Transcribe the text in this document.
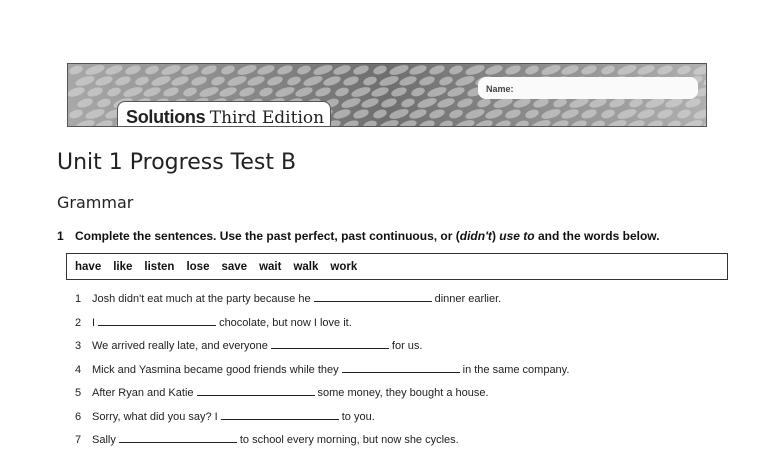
Name:
Solutions Third Edition
Unit 1 Progress Test B
Grammar
1 Complete the sentences. Use the past perfect, past continuous, or (didn't) use to and the words below.
have like listen lose save wait walk work
1 Josh didn't eat much at the party because he	dinner earlier.
2 I	chocolate, but now I love it.
3 We arrived really late, and everyone	for us.
4 Mick and Yasmina became good friends while they	in the same company.
5 After Ryan and Katie	some money, they bought a house.
6 Sorry, what did you say? I	to you.
7 Sally	to school every morning, but now she cycles.
